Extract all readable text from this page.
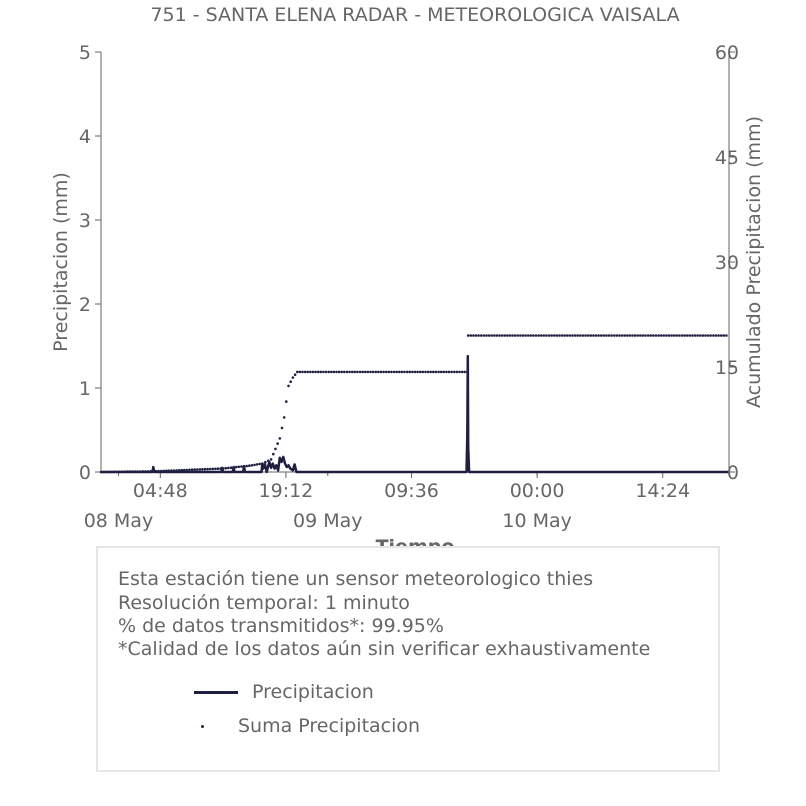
0
1
2
3
4
5
0
15
30
45
60
04:48	19:12	09:36	00:00	14:24
08 May	09 May	10 May
751 - SANTA ELENA RADAR - METEOROLOGICA VAISALA
Precipitacion (mm)	Acumulado Precipitacion (mm)
Esta estación tiene un sensor meteorologico thies
Resolución temporal: 1 minuto
% de datos transmitidos*: 99.95%
*Calidad de los datos aún sin verificar exhaustivamente
Precipitacion
Suma Precipitacion
